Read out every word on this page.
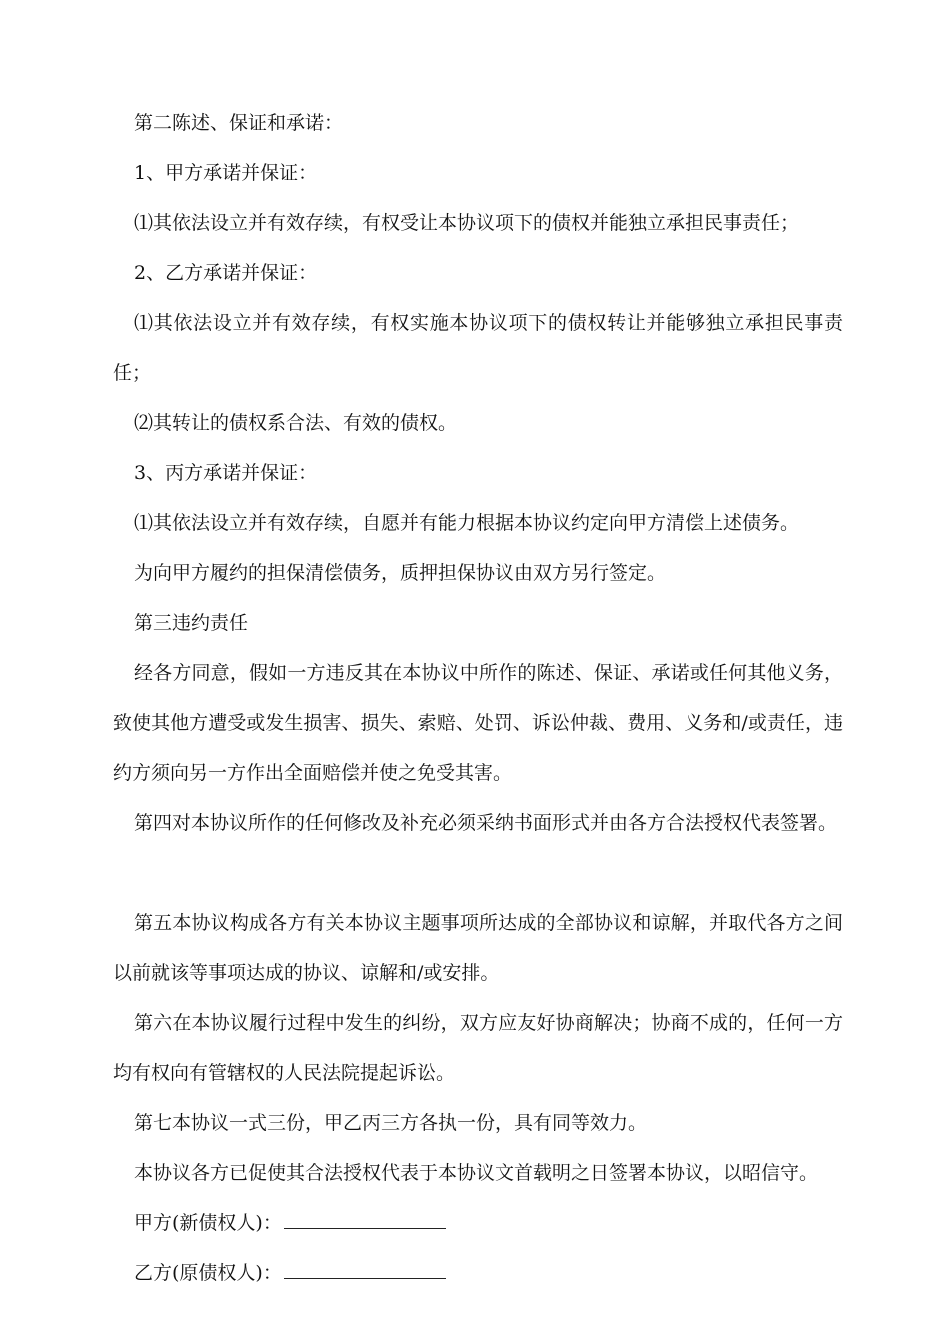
第二陈述、保证和承诺：

1、甲方承诺并保证：

⑴其依法设立并有效存续，有权受让本协议项下的债权并能独立承担民事责任；

2、乙方承诺并保证：

⑴其依法设立并有效存续，有权实施本协议项下的债权转让并能够独立承担民事责任；

⑵其转让的债权系合法、有效的债权。

3、丙方承诺并保证：

⑴其依法设立并有效存续，自愿并有能力根据本协议约定向甲方清偿上述债务。

为向甲方履约的担保清偿债务，质押担保协议由双方另行签定。

第三违约责任

经各方同意，假如一方违反其在本协议中所作的陈述、保证、承诺或任何其他义务，致使其他方遭受或发生损害、损失、索赔、处罚、诉讼仲裁、费用、义务和/或责任，违约方须向另一方作出全面赔偿并使之免受其害。

第四对本协议所作的任何修改及补充必须采纳书面形式并由各方合法授权代表签署。

第五本协议构成各方有关本协议主题事项所达成的全部协议和谅解，并取代各方之间以前就该等事项达成的协议、谅解和/或安排。

第六在本协议履行过程中发生的纠纷，双方应友好协商解决；协商不成的，任何一方均有权向有管辖权的人民法院提起诉讼。

第七本协议一式三份，甲乙丙三方各执一份，具有同等效力。

本协议各方已促使其合法授权代表于本协议文首载明之日签署本协议，以昭信守。

甲方(新债权人)：

乙方(原债权人)：
